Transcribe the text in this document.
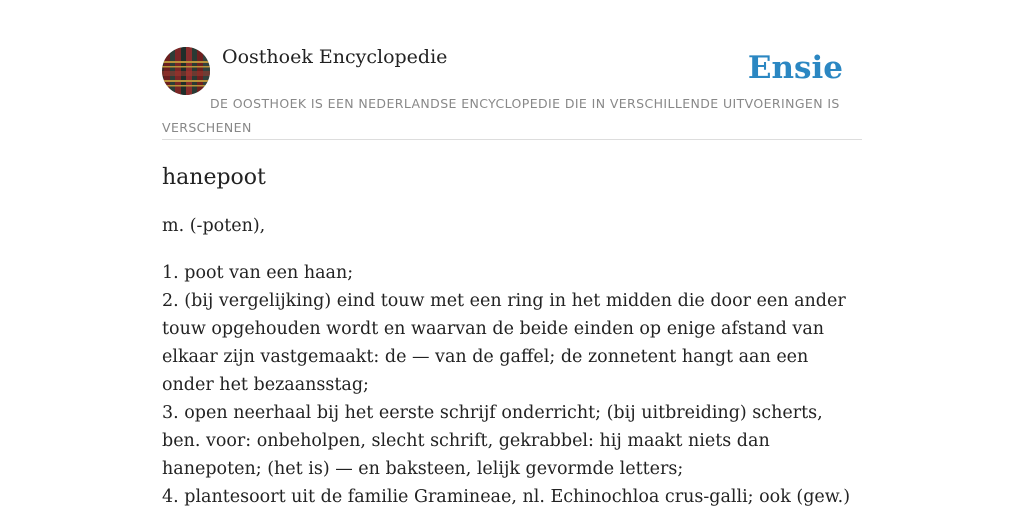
Oosthoek Encyclopedie	Ensie
DE OOSTHOEK IS EEN NEDERLANDSE ENCYCLOPEDIE DIE IN VERSCHILLENDE UITVOERINGEN IS VERSCHENEN
hanepoot

m. (-poten),

1. poot van een haan;
2. (bij vergelijking) eind touw met een ring in het midden die door een ander touw opgehouden wordt en waarvan de beide einden op enige afstand van elkaar zijn vastgemaakt: de — van de gaffel; de zonnetent hangt aan een onder het bezaansstag;
3. open neerhaal bij het eerste schrijf onderricht; (bij uitbreiding) scherts, ben. voor: onbeholpen, slecht schrift, gekrabbel: hij maakt niets dan hanepoten; (het is) — en baksteen, lelijk gevormde letters;
4. plantesoort uit de familie Gramineae, nl. Echinochloa crus-galli; ook (gew.)
